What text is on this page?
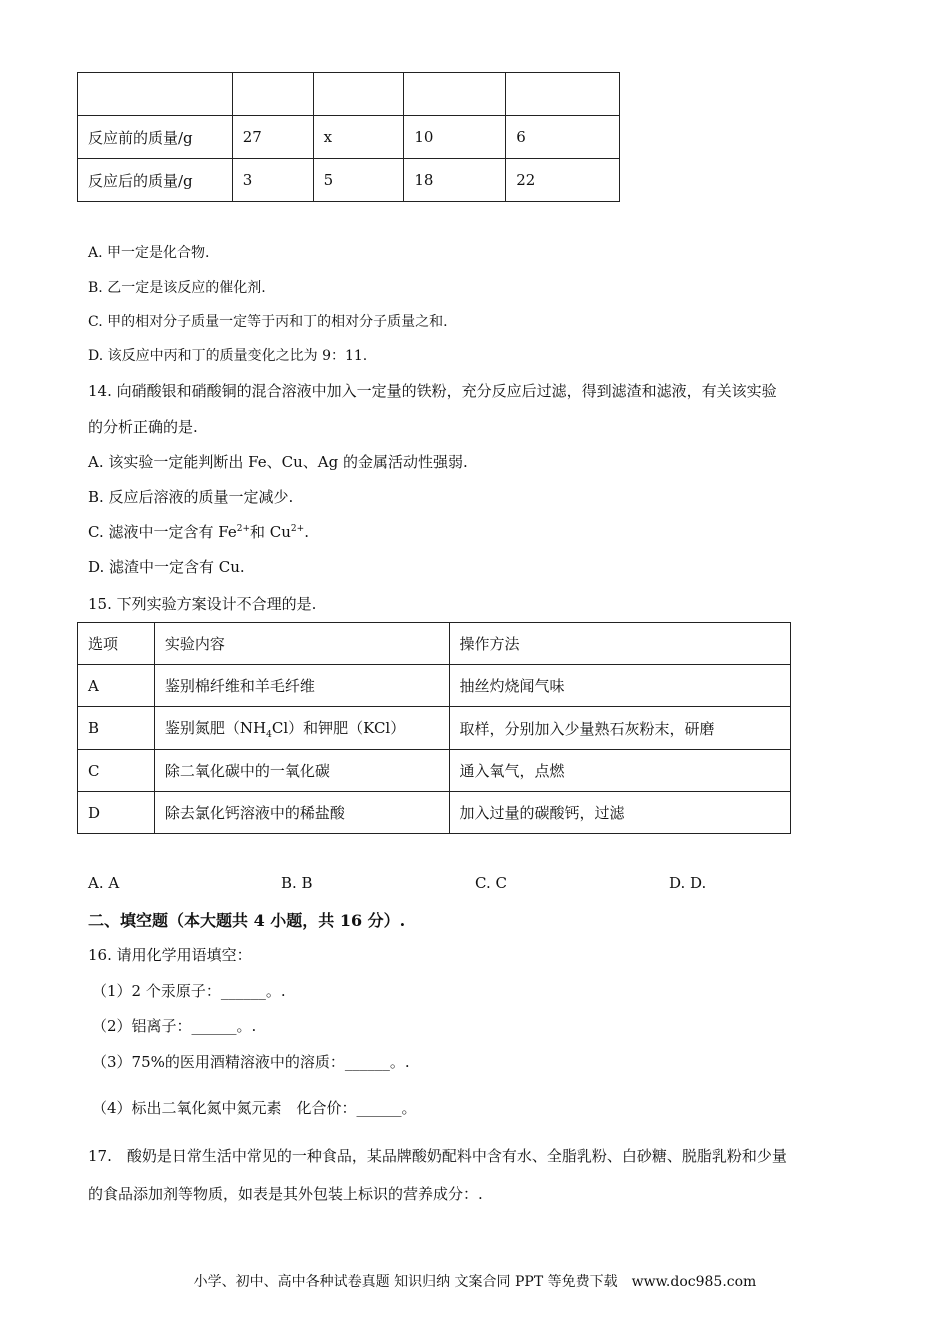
反应前的质量/g	27	x	10	6
反应后的质量/g	3	5	18	22
A. 甲一定是化合物.
B. 乙一定是该反应的催化剂.
C. 甲的相对分子质量一定等于丙和丁的相对分子质量之和.
D. 该反应中丙和丁的质量变化之比为 9：11.
14. 向硝酸银和硝酸铜的混合溶液中加入一定量的铁粉，充分反应后过滤，得到滤渣和滤液，有关该实验
的分析正确的是.
A. 该实验一定能判断出 Fe、Cu、Ag 的金属活动性强弱.
B. 反应后溶液的质量一定减少.
C. 滤液中一定含有 $Fe^{2+}$和 $Cu^{2+}$.
D. 滤渣中一定含有 Cu.
15. 下列实验方案设计不合理的是.
选项	实验内容	操作方法
A	鉴别棉纤维和羊毛纤维	抽丝灼烧闻气味
B	鉴别氮肥$(NH_4Cl)$和钾肥（KCl）	取样，分别加入少量熟石灰粉末，研磨
C	除二氧化碳中的一氧化碳	通入氧气，点燃
D	除去氯化钙溶液中的稀盐酸	加入过量的碳酸钙，过滤
A. A	B. B	C. C	D. D.
二、填空题（本大题共 4 小题，共 16 分）.
16. 请用化学用语填空：
（1）2 个汞原子：______。.
（2）铝离子：______。.
（3）75%的医用酒精溶液中的溶质：______。.
（4）标出二氧化氮中氮元素　化合价：______。
17.　酸奶是日常生活中常见的一种食品，某品牌酸奶配料中含有水、全脂乳粉、白砂糖、脱脂乳粉和少量
的食品添加剂等物质，如表是其外包装上标识的营养成分：.
小学、初中、高中各种试卷真题 知识归纳 文案合同 PPT 等免费下载　www.doc985.com
